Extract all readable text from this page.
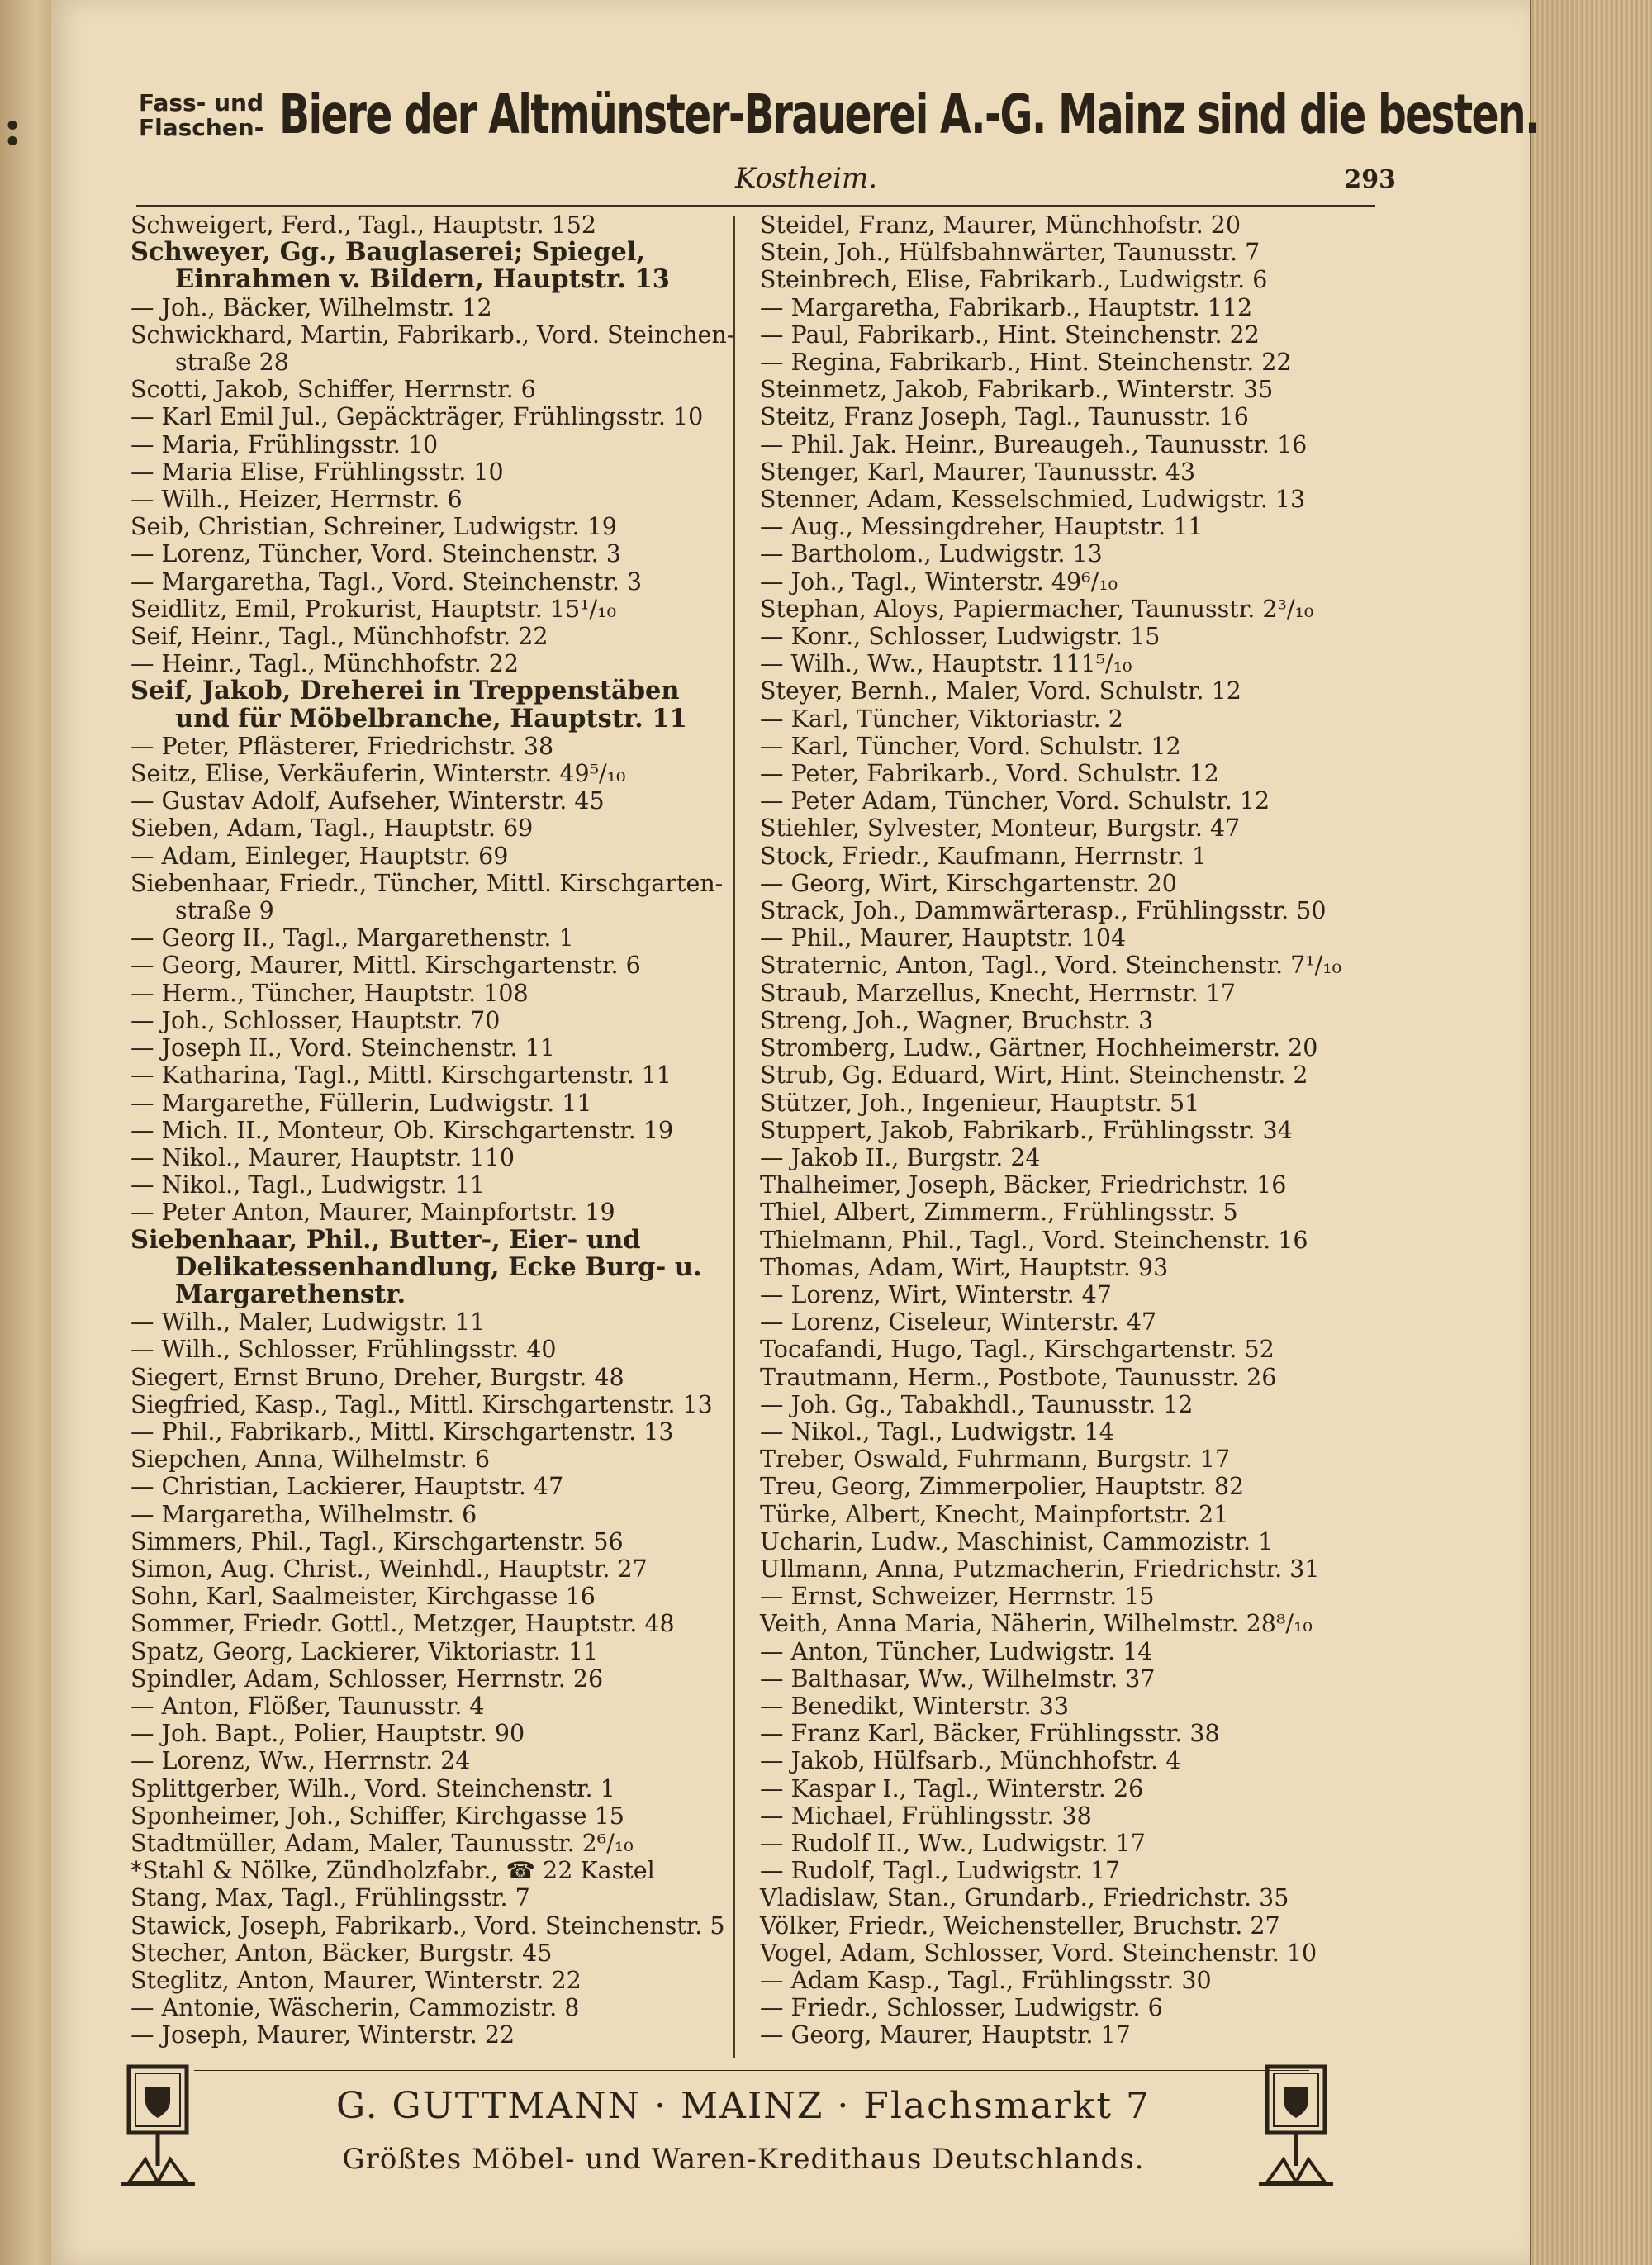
:	Fass- und
Flaschen- Biere der Altmünster-Brauerei A.-G. Mainz sind die besten.
Kostheim.	293
Schweigert, Ferd., Tagl., Hauptstr. 152
Schweyer, Gg., Bauglaserei; Spiegel,
Einrahmen v. Bildern, Hauptstr. 13
— Joh., Bäcker, Wilhelmstr. 12
Schwickhard, Martin, Fabrikarb., Vord. Steinchen-
straße 28
Scotti, Jakob, Schiffer, Herrnstr. 6
— Karl Emil Jul., Gepäckträger, Frühlingsstr. 10
— Maria, Frühlingsstr. 10
— Maria Elise, Frühlingsstr. 10
— Wilh., Heizer, Herrnstr. 6
Seib, Christian, Schreiner, Ludwigstr. 19
— Lorenz, Tüncher, Vord. Steinchenstr. 3
— Margaretha, Tagl., Vord. Steinchenstr. 3
Seidlitz, Emil, Prokurist, Hauptstr. 15¹/₁₀
Seif, Heinr., Tagl., Münchhofstr. 22
— Heinr., Tagl., Münchhofstr. 22
Seif, Jakob, Dreherei in Treppenstäben
und für Möbelbranche, Hauptstr. 11
— Peter, Pflästerer, Friedrichstr. 38
Seitz, Elise, Verkäuferin, Winterstr. 49⁵/₁₀
— Gustav Adolf, Aufseher, Winterstr. 45
Sieben, Adam, Tagl., Hauptstr. 69
— Adam, Einleger, Hauptstr. 69
Siebenhaar, Friedr., Tüncher, Mittl. Kirschgarten-
straße 9
— Georg II., Tagl., Margarethenstr. 1
— Georg, Maurer, Mittl. Kirschgartenstr. 6
— Herm., Tüncher, Hauptstr. 108
— Joh., Schlosser, Hauptstr. 70
— Joseph II., Vord. Steinchenstr. 11
— Katharina, Tagl., Mittl. Kirschgartenstr. 11
— Margarethe, Füllerin, Ludwigstr. 11
— Mich. II., Monteur, Ob. Kirschgartenstr. 19
— Nikol., Maurer, Hauptstr. 110
— Nikol., Tagl., Ludwigstr. 11
— Peter Anton, Maurer, Mainpfortstr. 19
Siebenhaar, Phil., Butter-, Eier- und
Delikatessenhandlung, Ecke Burg- u.
Margarethenstr.
— Wilh., Maler, Ludwigstr. 11
— Wilh., Schlosser, Frühlingsstr. 40
Siegert, Ernst Bruno, Dreher, Burgstr. 48
Siegfried, Kasp., Tagl., Mittl. Kirschgartenstr. 13
— Phil., Fabrikarb., Mittl. Kirschgartenstr. 13
Siepchen, Anna, Wilhelmstr. 6
— Christian, Lackierer, Hauptstr. 47
— Margaretha, Wilhelmstr. 6
Simmers, Phil., Tagl., Kirschgartenstr. 56
Simon, Aug. Christ., Weinhdl., Hauptstr. 27
Sohn, Karl, Saalmeister, Kirchgasse 16
Sommer, Friedr. Gottl., Metzger, Hauptstr. 48
Spatz, Georg, Lackierer, Viktoriastr. 11
Spindler, Adam, Schlosser, Herrnstr. 26
— Anton, Flößer, Taunusstr. 4
— Joh. Bapt., Polier, Hauptstr. 90
— Lorenz, Ww., Herrnstr. 24
Splittgerber, Wilh., Vord. Steinchenstr. 1
Sponheimer, Joh., Schiffer, Kirchgasse 15
Stadtmüller, Adam, Maler, Taunusstr. 2⁶/₁₀
*Stahl & Nölke, Zündholzfabr., ☎ 22 Kastel
Stang, Max, Tagl., Frühlingsstr. 7
Stawick, Joseph, Fabrikarb., Vord. Steinchenstr. 5
Stecher, Anton, Bäcker, Burgstr. 45
Steglitz, Anton, Maurer, Winterstr. 22
— Antonie, Wäscherin, Cammozistr. 8
— Joseph, Maurer, Winterstr. 22
Steidel, Franz, Maurer, Münchhofstr. 20
Stein, Joh., Hülfsbahnwärter, Taunusstr. 7
Steinbrech, Elise, Fabrikarb., Ludwigstr. 6
— Margaretha, Fabrikarb., Hauptstr. 112
— Paul, Fabrikarb., Hint. Steinchenstr. 22
— Regina, Fabrikarb., Hint. Steinchenstr. 22
Steinmetz, Jakob, Fabrikarb., Winterstr. 35
Steitz, Franz Joseph, Tagl., Taunusstr. 16
— Phil. Jak. Heinr., Bureaugeh., Taunusstr. 16
Stenger, Karl, Maurer, Taunusstr. 43
Stenner, Adam, Kesselschmied, Ludwigstr. 13
— Aug., Messingdreher, Hauptstr. 11
— Bartholom., Ludwigstr. 13
— Joh., Tagl., Winterstr. 49⁶/₁₀
Stephan, Aloys, Papiermacher, Taunusstr. 2³/₁₀
— Konr., Schlosser, Ludwigstr. 15
— Wilh., Ww., Hauptstr. 111⁵/₁₀
Steyer, Bernh., Maler, Vord. Schulstr. 12
— Karl, Tüncher, Viktoriastr. 2
— Karl, Tüncher, Vord. Schulstr. 12
— Peter, Fabrikarb., Vord. Schulstr. 12
— Peter Adam, Tüncher, Vord. Schulstr. 12
Stiehler, Sylvester, Monteur, Burgstr. 47
Stock, Friedr., Kaufmann, Herrnstr. 1
— Georg, Wirt, Kirschgartenstr. 20
Strack, Joh., Dammwärterasp., Frühlingsstr. 50
— Phil., Maurer, Hauptstr. 104
Straternic, Anton, Tagl., Vord. Steinchenstr. 7¹/₁₀
Straub, Marzellus, Knecht, Herrnstr. 17
Streng, Joh., Wagner, Bruchstr. 3
Stromberg, Ludw., Gärtner, Hochheimerstr. 20
Strub, Gg. Eduard, Wirt, Hint. Steinchenstr. 2
Stützer, Joh., Ingenieur, Hauptstr. 51
Stuppert, Jakob, Fabrikarb., Frühlingsstr. 34
— Jakob II., Burgstr. 24
Thalheimer, Joseph, Bäcker, Friedrichstr. 16
Thiel, Albert, Zimmerm., Frühlingsstr. 5
Thielmann, Phil., Tagl., Vord. Steinchenstr. 16
Thomas, Adam, Wirt, Hauptstr. 93
— Lorenz, Wirt, Winterstr. 47
— Lorenz, Ciseleur, Winterstr. 47
Tocafandi, Hugo, Tagl., Kirschgartenstr. 52
Trautmann, Herm., Postbote, Taunusstr. 26
— Joh. Gg., Tabakhdl., Taunusstr. 12
— Nikol., Tagl., Ludwigstr. 14
Treber, Oswald, Fuhrmann, Burgstr. 17
Treu, Georg, Zimmerpolier, Hauptstr. 82
Türke, Albert, Knecht, Mainpfortstr. 21
Ucharin, Ludw., Maschinist, Cammozistr. 1
Ullmann, Anna, Putzmacherin, Friedrichstr. 31
— Ernst, Schweizer, Herrnstr. 15
Veith, Anna Maria, Näherin, Wilhelmstr. 28⁸/₁₀
— Anton, Tüncher, Ludwigstr. 14
— Balthasar, Ww., Wilhelmstr. 37
— Benedikt, Winterstr. 33
— Franz Karl, Bäcker, Frühlingsstr. 38
— Jakob, Hülfsarb., Münchhofstr. 4
— Kaspar I., Tagl., Winterstr. 26
— Michael, Frühlingsstr. 38
— Rudolf II., Ww., Ludwigstr. 17
— Rudolf, Tagl., Ludwigstr. 17
Vladislaw, Stan., Grundarb., Friedrichstr. 35
Völker, Friedr., Weichensteller, Bruchstr. 27
Vogel, Adam, Schlosser, Vord. Steinchenstr. 10
— Adam Kasp., Tagl., Frühlingsstr. 30
— Friedr., Schlosser, Ludwigstr. 6
— Georg, Maurer, Hauptstr. 17
G. GUTTMANN · MAINZ · Flachsmarkt 7
Größtes Möbel- und Waren-Kredithaus Deutschlands.
